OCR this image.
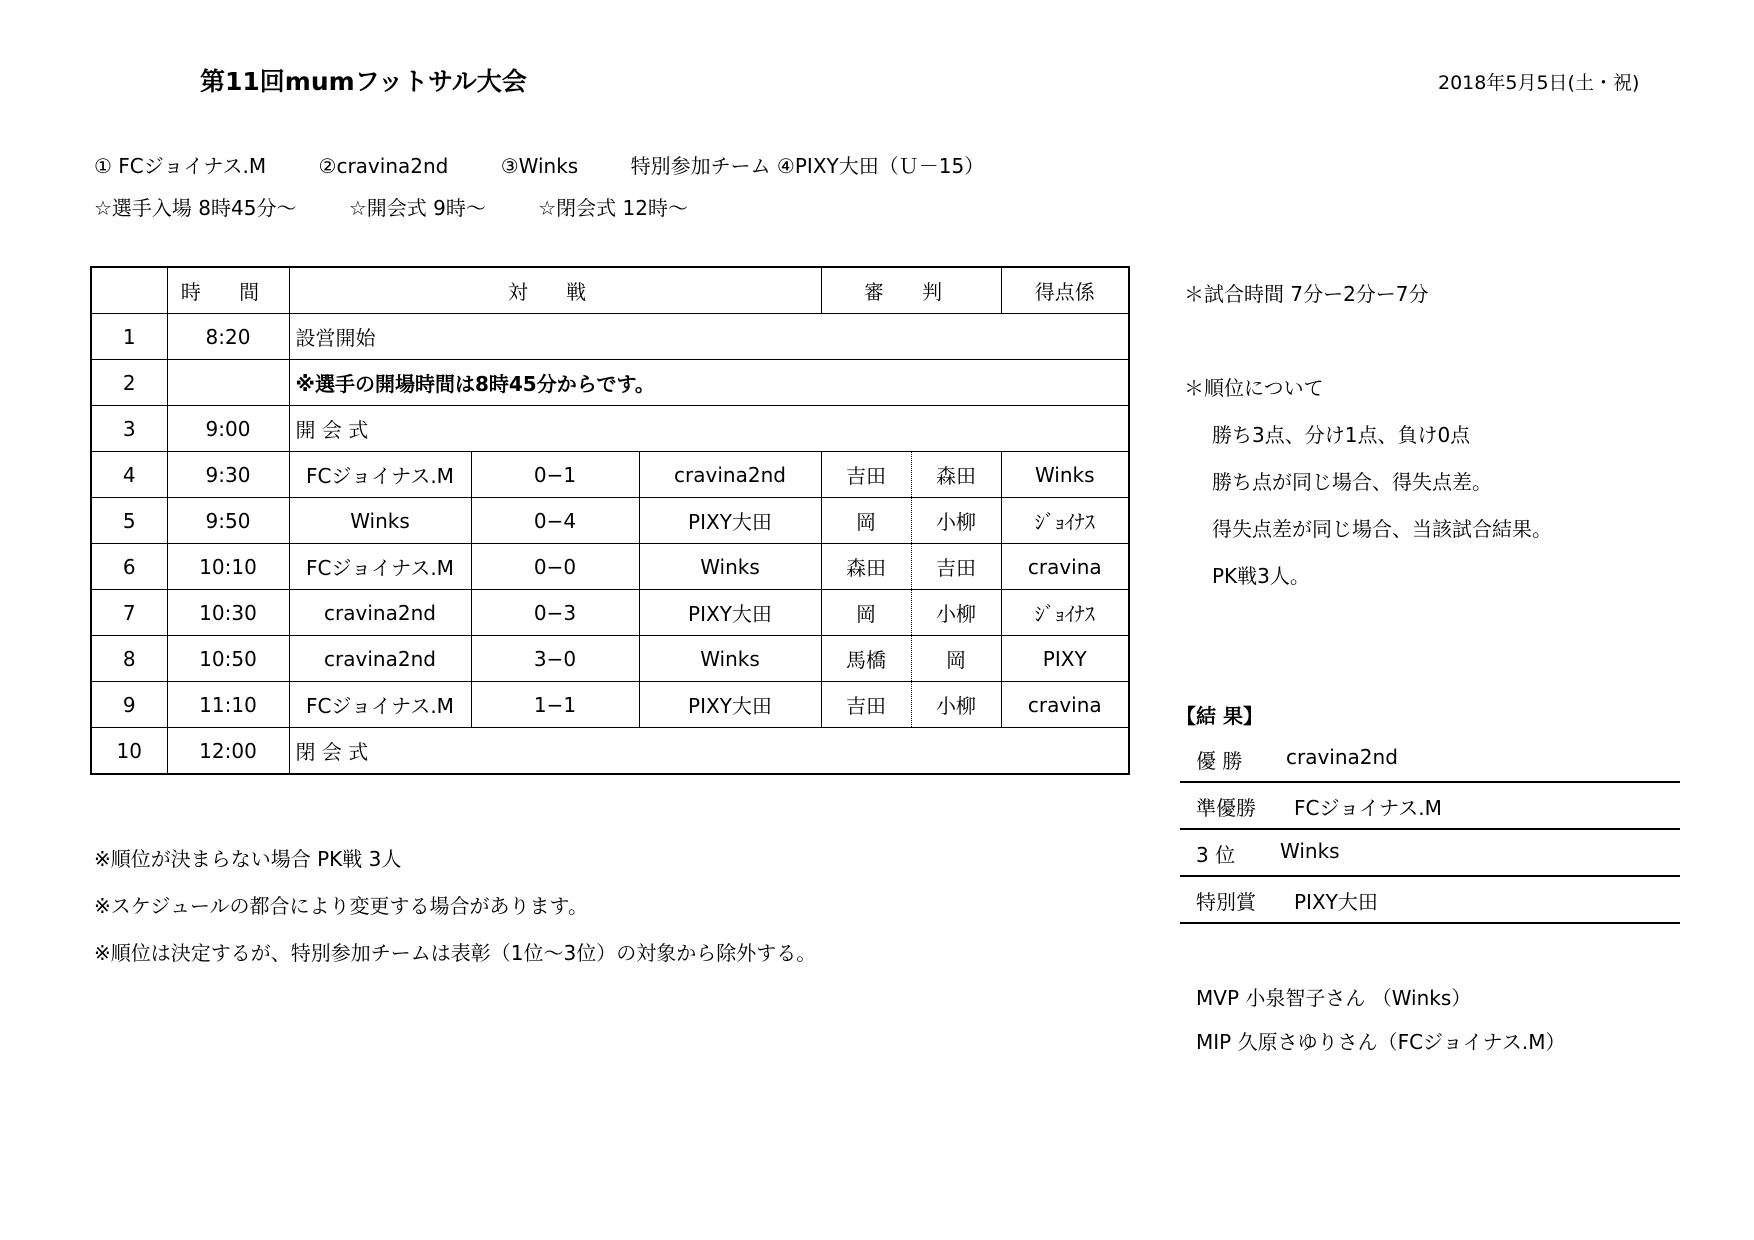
第11回mumフットサル大会	2018年5月5日(土・祝)
① FCジョイナス.M	②cravina2nd	③Winks	特別参加チーム ④PIXY大田（Ｕ－15）
☆選手入場 8時45分～	☆開会式 9時～	☆閉会式 12時～
	時 間	対 戦			審 判		得点係
1	8:20	設営開始					
2		※選手の開場時間は8時45分からです。					
3	9:00	開 会 式					
4	9:30	FCジョイナス.M	0−1	cravina2nd	吉田	森田	Winks
5	9:50	Winks	0−4	PIXY大田	岡	小柳	ｼﾞｮｲﾅｽ
6	10:10	FCジョイナス.M	0−0	Winks	森田	吉田	cravina
7	10:30	cravina2nd	0−3	PIXY大田	岡	小柳	ｼﾞｮｲﾅｽ
8	10:50	cravina2nd	3−0	Winks	馬橋	岡	PIXY
9	11:10	FCジョイナス.M	1−1	PIXY大田	吉田	小柳	cravina
10	12:00	閉 会 式					
※順位が決まらない場合 PK戦 3人
※スケジュールの都合により変更する場合があります。
※順位は決定するが、特別参加チームは表彰（1位～3位）の対象から除外する。
＊試合時間 7分ー2分ー7分
＊順位について
勝ち3点、分け1点、負け0点
勝ち点が同じ場合、得失点差。
得失点差が同じ場合、当該試合結果。
PK戦3人。
【結 果】
優 勝 cravina2nd
準優勝 FCジョイナス.M
3 位 Winks
特別賞 PIXY大田
MVP 小泉智子さん （Winks）
MIP 久原さゆりさん（FCジョイナス.M）
